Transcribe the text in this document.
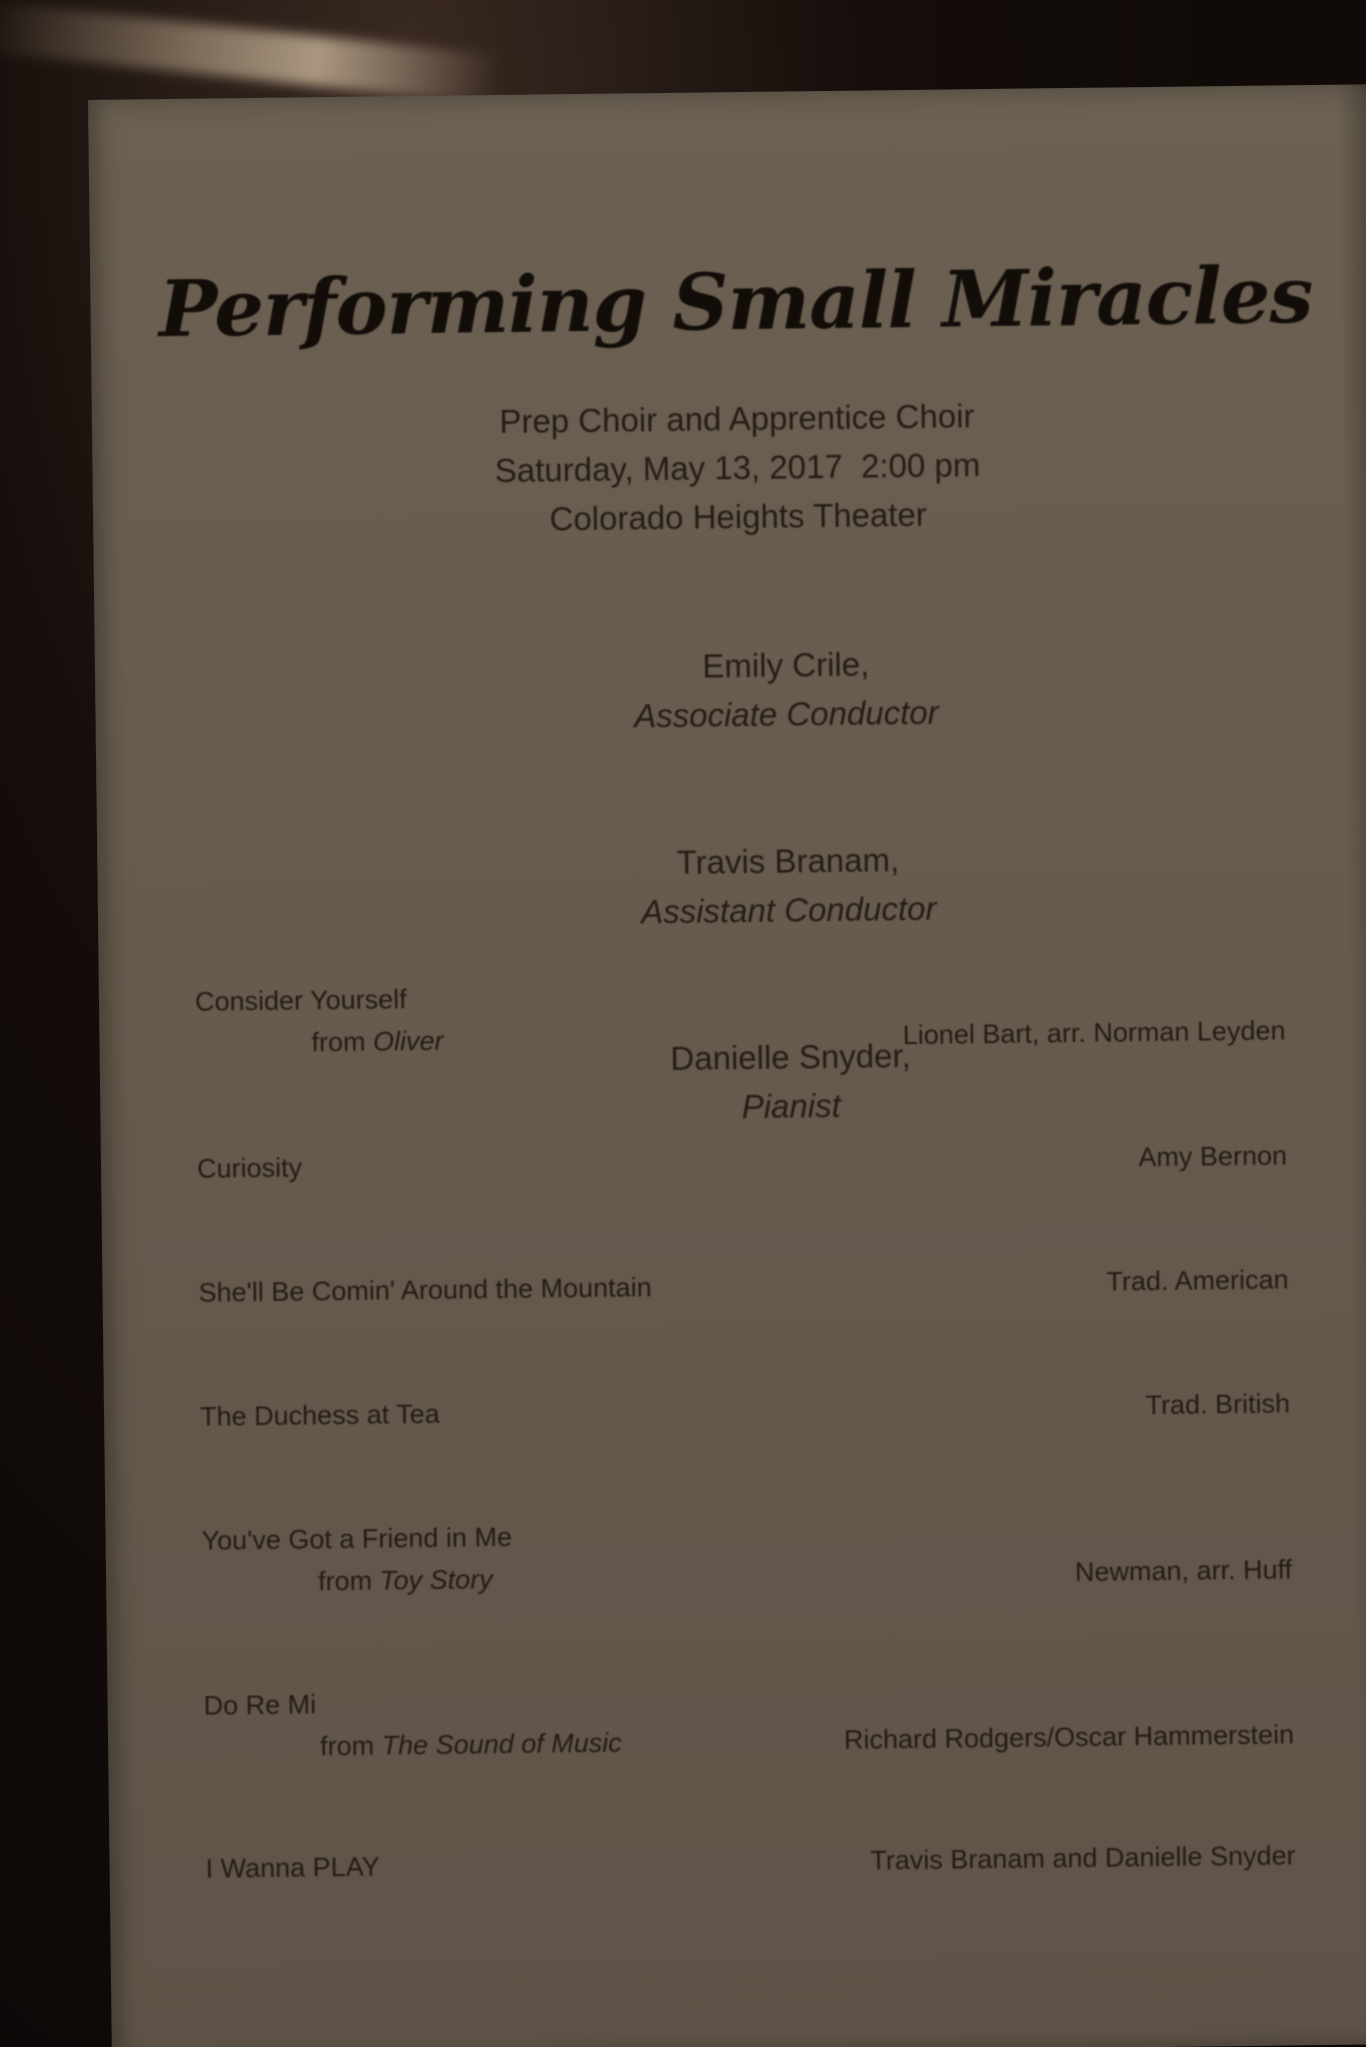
Performing Small Miracles
Prep Choir and Apprentice Choir
Saturday, May 13, 2017  2:00 pm
Colorado Heights Theater

Emily Crile,
Associate Conductor

Travis Branam,
Assistant Conductor

Danielle Snyder,
Pianist

Consider Yourself
from Oliver	Lionel Bart, arr. Norman Leyden
Curiosity	Amy Bernon
She'll Be Comin' Around the Mountain	Trad. American
The Duchess at Tea	Trad. British
You've Got a Friend in Me
from Toy Story	Newman, arr. Huff
Do Re Mi
from The Sound of Music	Richard Rodgers/Oscar Hammerstein
I Wanna PLAY	Travis Branam and Danielle Snyder
